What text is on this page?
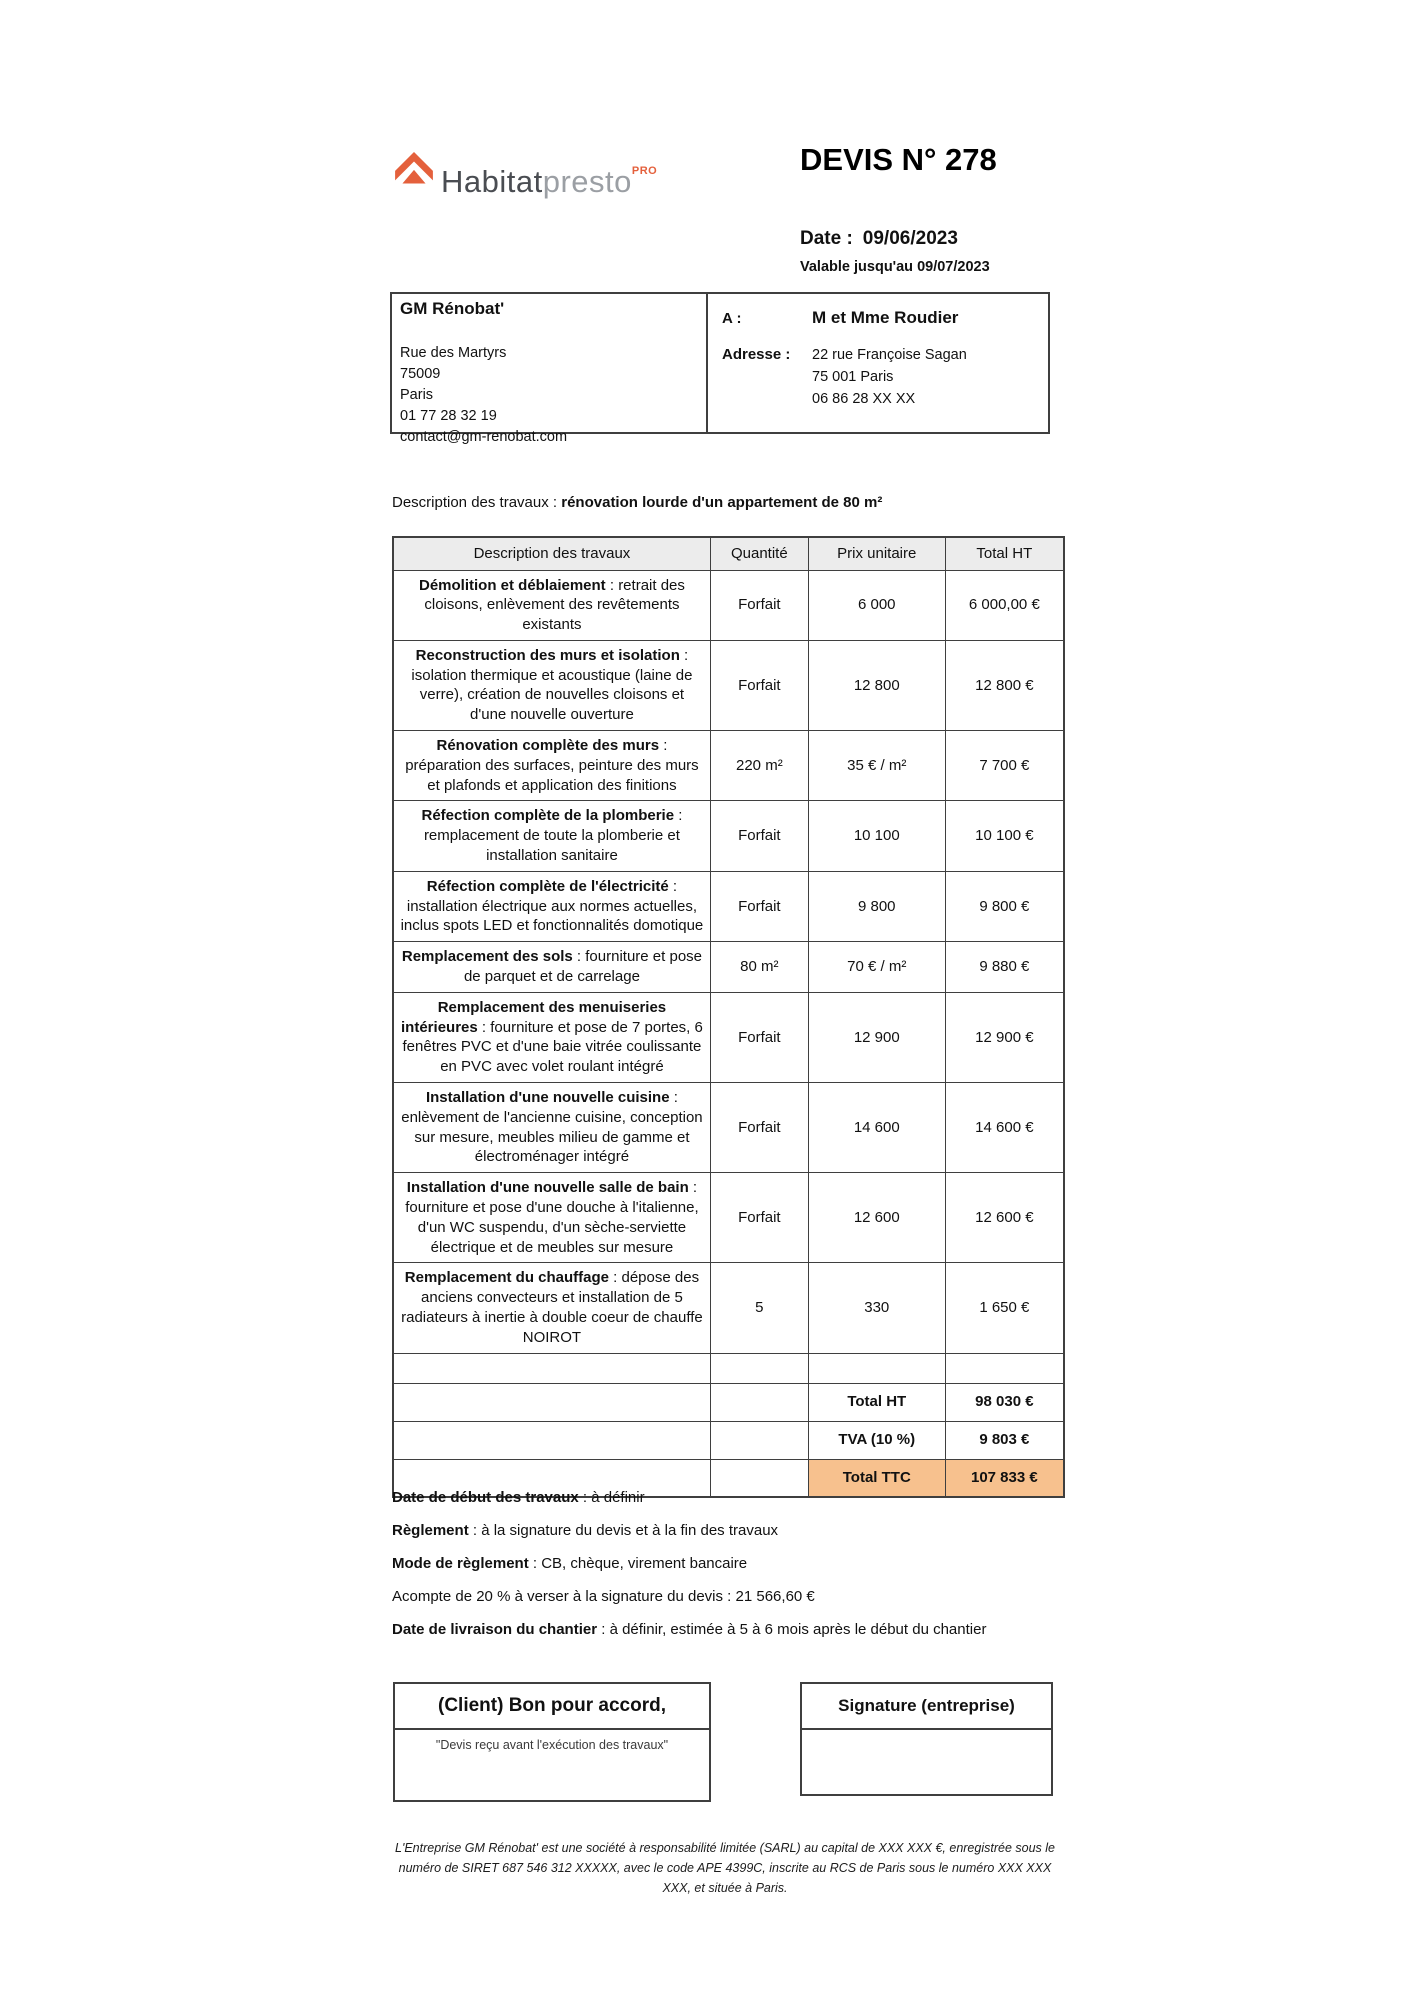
Habitatpresto$^{PRO}$	DEVIS N° 278
Date : 09/06/2023
Valable jusqu'au 09/07/2023
GM Rénobat'
Rue des Martyrs
75009
Paris
01 77 28 32 19
contact@gm-renobat.com
A :	M et Mme Roudier
Adresse :	22 rue Françoise Sagan
75 001 Paris
06 86 28 XX XX
Description des travaux : rénovation lourde d'un appartement de 80 m²
Description des travaux	Quantité	Prix unitaire	Total HT
Démolition et déblaiement : retrait des cloisons, enlèvement des revêtements existants	Forfait	6 000	6 000,00 €
Reconstruction des murs et isolation : isolation thermique et acoustique (laine de verre), création de nouvelles cloisons et d'une nouvelle ouverture	Forfait	12 800	12 800 €
Rénovation complète des murs : préparation des surfaces, peinture des murs et plafonds et application des finitions	220 m²	35 € / m²	7 700 €
Réfection complète de la plomberie : remplacement de toute la plomberie et installation sanitaire	Forfait	10 100	10 100 €
Réfection complète de l'électricité : installation électrique aux normes actuelles, inclus spots LED et fonctionnalités domotique	Forfait	9 800	9 800 €
Remplacement des sols : fourniture et pose de parquet et de carrelage	80 m²	70 € / m²	9 880 €
Remplacement des menuiseries intérieures : fourniture et pose de 7 portes, 6 fenêtres PVC et d'une baie vitrée coulissante en PVC avec volet roulant intégré	Forfait	12 900	12 900 €
Installation d'une nouvelle cuisine : enlèvement de l'ancienne cuisine, conception sur mesure, meubles milieu de gamme et électroménager intégré	Forfait	14 600	14 600 €
Installation d'une nouvelle salle de bain : fourniture et pose d'une douche à l'italienne, d'un WC suspendu, d'un sèche-serviette électrique et de meubles sur mesure	Forfait	12 600	12 600 €
Remplacement du chauffage : dépose des anciens convecteurs et installation de 5 radiateurs à inertie à double coeur de chauffe NOIROT	5	330	1 650 €

		Total HT	98 030 €
		TVA (10 %)	9 803 €
		Total TTC	107 833 €
Date de début des travaux : à définir
Règlement : à la signature du devis et à la fin des travaux
Mode de règlement : CB, chèque, virement bancaire
Acompte de 20 % à verser à la signature du devis : 21 566,60 €
Date de livraison du chantier : à définir, estimée à 5 à 6 mois après le début du chantier
(Client) Bon pour accord,
"Devis reçu avant l'exécution des travaux"
Signature (entreprise)
L'Entreprise GM Rénobat' est une société à responsabilité limitée (SARL) au capital de XXX XXX €, enregistrée sous le numéro de SIRET 687 546 312 XXXXX, avec le code APE 4399C, inscrite au RCS de Paris sous le numéro XXX XXX XXX, et située à Paris.
